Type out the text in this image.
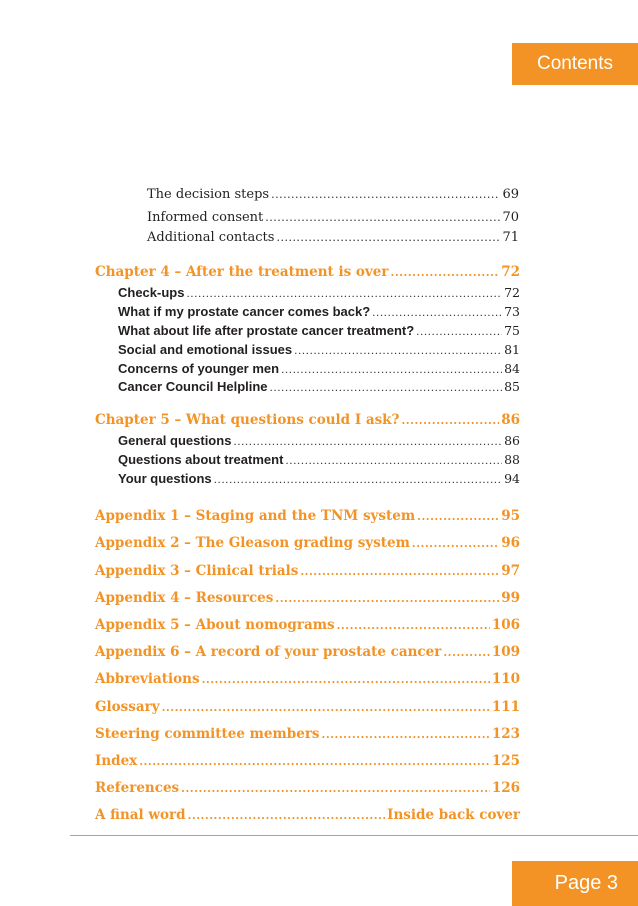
Contents
The decision steps .....	69
Informed consent .....	70
Additional contacts .....	71
Chapter 4 – After the treatment is over .....	72
Check-ups .....	72
What if my prostate cancer comes back? .....	73
What about life after prostate cancer treatment? .....	75
Social and emotional issues .....	81
Concerns of younger men .....	84
Cancer Council Helpline .....	85
Chapter 5 – What questions could I ask? .....	86
General questions .....	86
Questions about treatment .....	88
Your questions .....	94
Appendix 1 – Staging and the TNM system .....	95
Appendix 2 – The Gleason grading system .....	96
Appendix 3 – Clinical trials .....	97
Appendix 4 – Resources .....	99
Appendix 5 – About nomograms .....	106
Appendix 6 – A record of your prostate cancer .....	109
Abbreviations .....	110
Glossary .....	111
Steering committee members .....	123
Index .....	125
References .....	126
A final word .....	Inside back cover
Page 3
